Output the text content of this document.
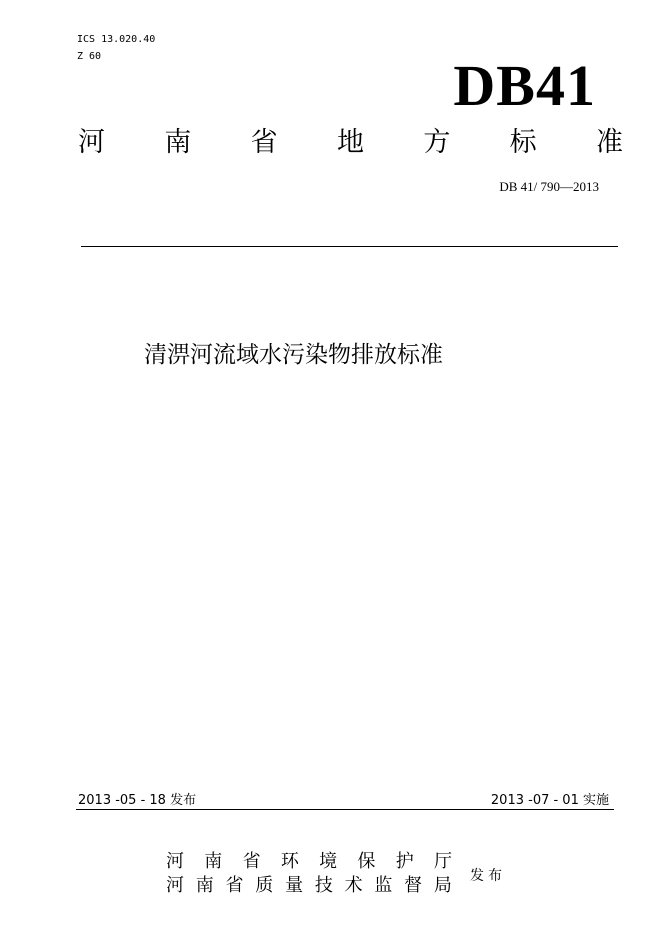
ICS 13.020.40
Z 60	DB41
河 南 省 地 方 标 准
DB 41/ 790—2013
清淠河流域水污染物排放标准
2013 -05 - 18 发布	2013 -07 - 01 实施
河 南 省 环 境 保 护 厅
河 南 省 质 量 技 术 监 督 局 发布
